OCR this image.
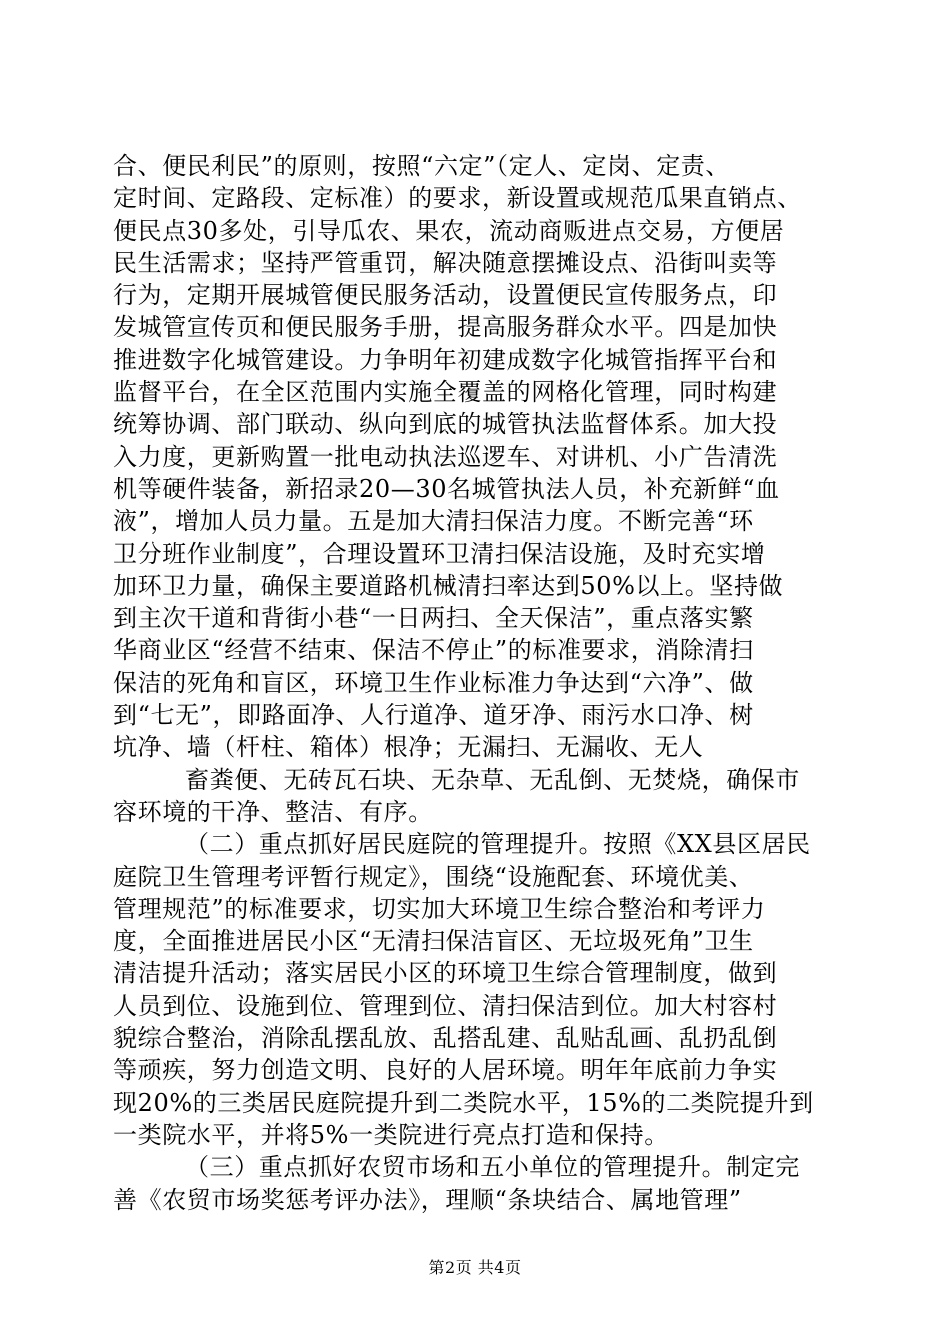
合、便民利民”的原则，按照“六定”（定人、定岗、定责、
定时间、定路段、定标准）的要求，新设置或规范瓜果直销点、
便民点30多处，引导瓜农、果农，流动商贩进点交易，方便居
民生活需求；坚持严管重罚，解决随意摆摊设点、沿街叫卖等
行为，定期开展城管便民服务活动，设置便民宣传服务点，印
发城管宣传页和便民服务手册，提高服务群众水平。四是加快
推进数字化城管建设。力争明年初建成数字化城管指挥平台和
监督平台，在全区范围内实施全覆盖的网格化管理，同时构建
统筹协调、部门联动、纵向到底的城管执法监督体系。加大投
入力度，更新购置一批电动执法巡逻车、对讲机、小广告清洗
机等硬件装备，新招录20—30名城管执法人员，补充新鲜“血
液”，增加人员力量。五是加大清扫保洁力度。不断完善“环
卫分班作业制度”，合理设置环卫清扫保洁设施，及时充实增
加环卫力量，确保主要道路机械清扫率达到50%以上。坚持做
到主次干道和背街小巷“一日两扫、全天保洁”，重点落实繁
华商业区“经营不结束、保洁不停止”的标准要求，消除清扫
保洁的死角和盲区，环境卫生作业标准力争达到“六净”、做
到“七无”，即路面净、人行道净、道牙净、雨污水口净、树
坑净、墙（杆柱、箱体）根净；无漏扫、无漏收、无人
畜粪便、无砖瓦石块、无杂草、无乱倒、无焚烧，确保市
容环境的干净、整洁、有序。
（二）重点抓好居民庭院的管理提升。按照《XX县区居民
庭院卫生管理考评暂行规定》，围绕“设施配套、环境优美、
管理规范”的标准要求，切实加大环境卫生综合整治和考评力
度，全面推进居民小区“无清扫保洁盲区、无垃圾死角”卫生
清洁提升活动；落实居民小区的环境卫生综合管理制度，做到
人员到位、设施到位、管理到位、清扫保洁到位。加大村容村
貌综合整治，消除乱摆乱放、乱搭乱建、乱贴乱画、乱扔乱倒
等顽疾，努力创造文明、良好的人居环境。明年年底前力争实
现20%的三类居民庭院提升到二类院水平，15%的二类院提升到
一类院水平，并将5%一类院进行亮点打造和保持。
（三）重点抓好农贸市场和五小单位的管理提升。制定完
善《农贸市场奖惩考评办法》，理顺“条块结合、属地管理”
第2页 共4页
